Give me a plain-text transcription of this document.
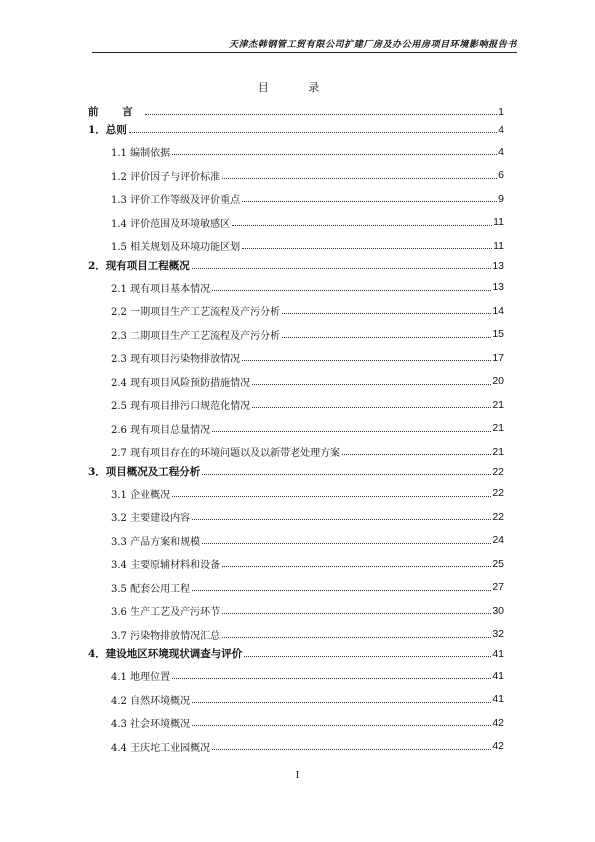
天津杰韩钢管工贸有限公司扩建厂房及办公用房项目环境影响报告书
目 录
前 言	1
1．总则	4
1.1 编制依据	4
1.2 评价因子与评价标准	6
1.3 评价工作等级及评价重点	9
1.4 评价范围及环境敏感区	11
1.5 相关规划及环境功能区划	11
2．现有项目工程概况	13
2.1 现有项目基本情况	13
2.2 一期项目生产工艺流程及产污分析	14
2.3 二期项目生产工艺流程及产污分析	15
2.3 现有项目污染物排放情况	17
2.4 现有项目风险预防措施情况	20
2.5 现有项目排污口规范化情况	21
2.6 现有项目总量情况	21
2.7 现有项目存在的环境问题以及以新带老处理方案	21
3．项目概况及工程分析	22
3.1 企业概况	22
3.2 主要建设内容	22
3.3 产品方案和规模	24
3.4 主要原辅材料和设备	25
3.5 配套公用工程	27
3.6 生产工艺及产污环节	30
3.7 污染物排放情况汇总	32
4．建设地区环境现状调查与评价	41
4.1 地理位置	41
4.2 自然环境概况	41
4.3 社会环境概况	42
4.4 王庆坨工业园概况	42
I
